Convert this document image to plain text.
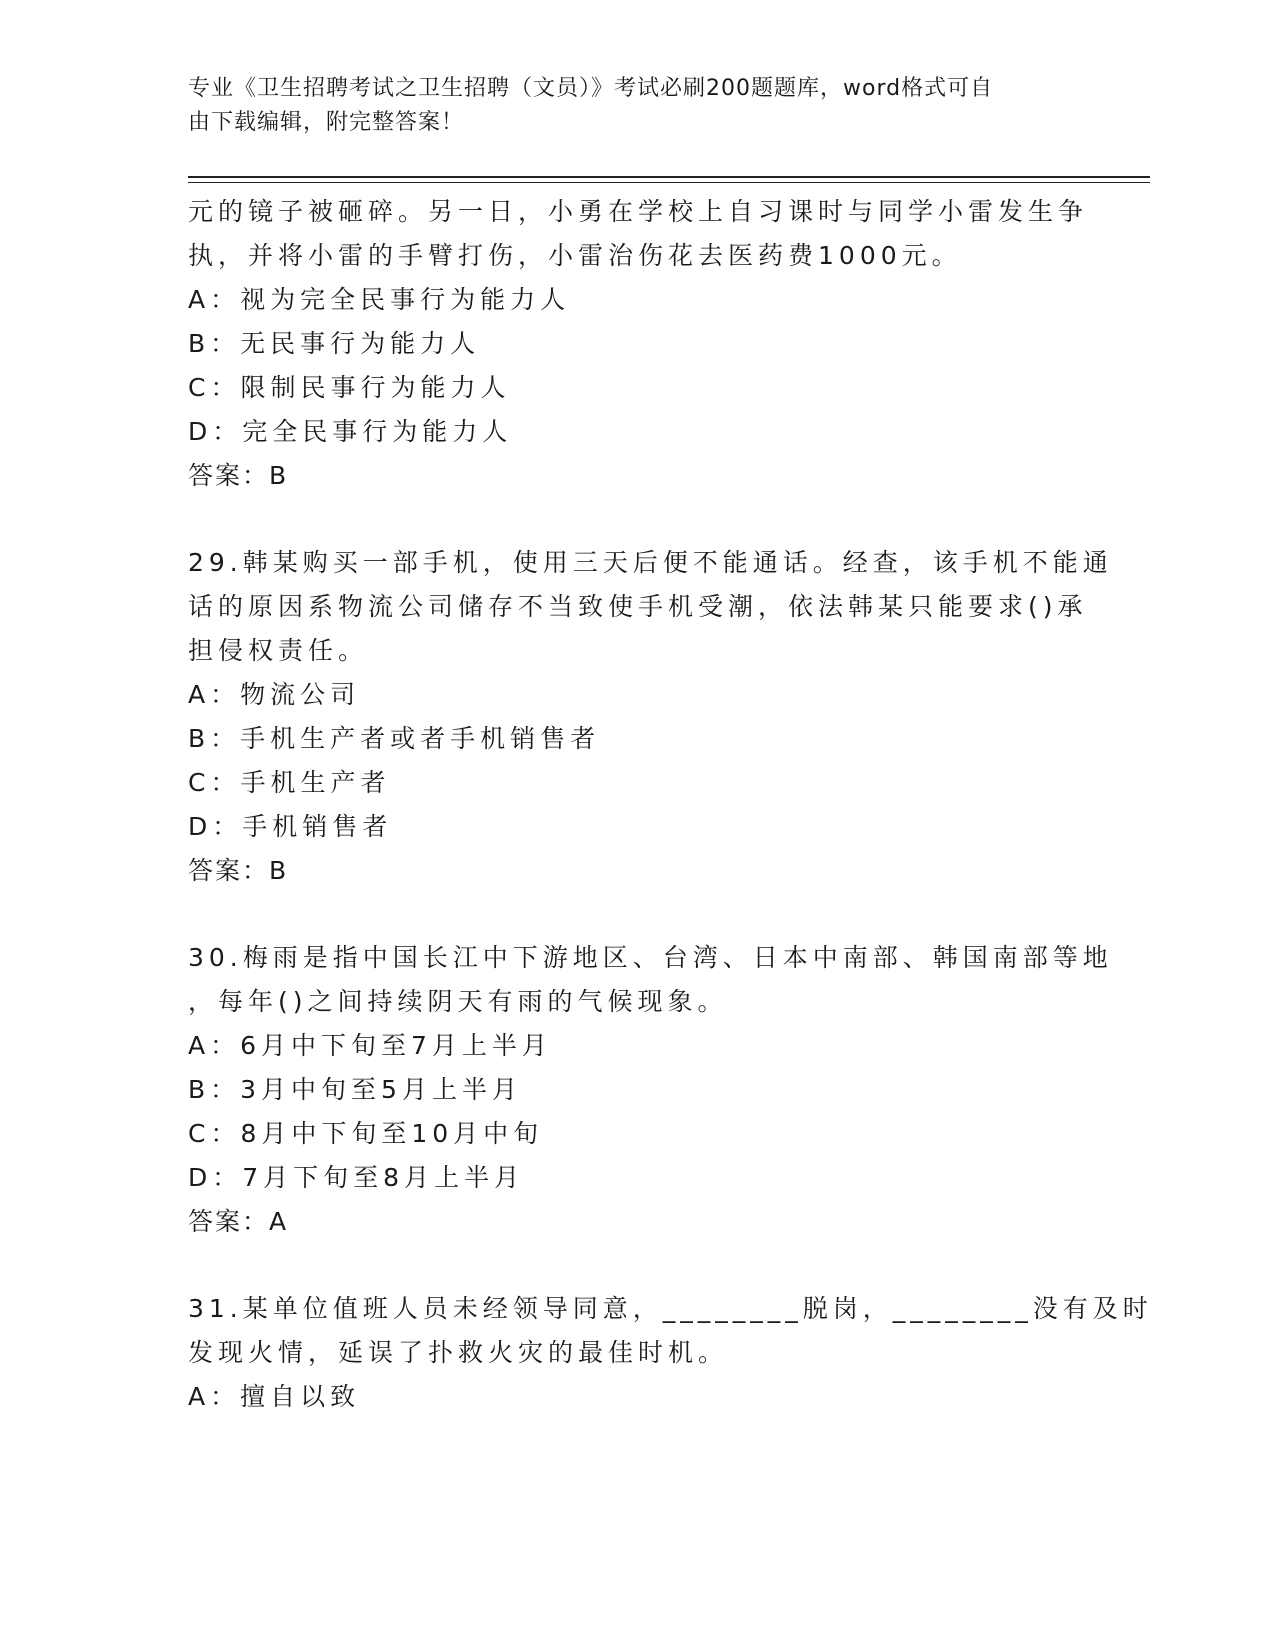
专业《卫生招聘考试之卫生招聘（文员）》考试必刷200题题库，word格式可自
由下载编辑，附完整答案！
元的镜子被砸碎。另一日，小勇在学校上自习课时与同学小雷发生争
执，并将小雷的手臂打伤，小雷治伤花去医药费1000元。
A：视为完全民事行为能力人
B：无民事行为能力人
C：限制民事行为能力人
D：完全民事行为能力人
答案：B
29.韩某购买一部手机，使用三天后便不能通话。经查，该手机不能通
话的原因系物流公司储存不当致使手机受潮，依法韩某只能要求()承
担侵权责任。
A：物流公司
B：手机生产者或者手机销售者
C：手机生产者
D：手机销售者
答案：B
30.梅雨是指中国长江中下游地区、台湾、日本中南部、韩国南部等地
，每年()之间持续阴天有雨的气候现象。
A：6月中下旬至7月上半月
B：3月中旬至5月上半月
C：8月中下旬至10月中旬
D：7月下旬至8月上半月
答案：A
31.某单位值班人员未经领导同意，________脱岗，________没有及时
发现火情，延误了扑救火灾的最佳时机。
A：擅自以致
